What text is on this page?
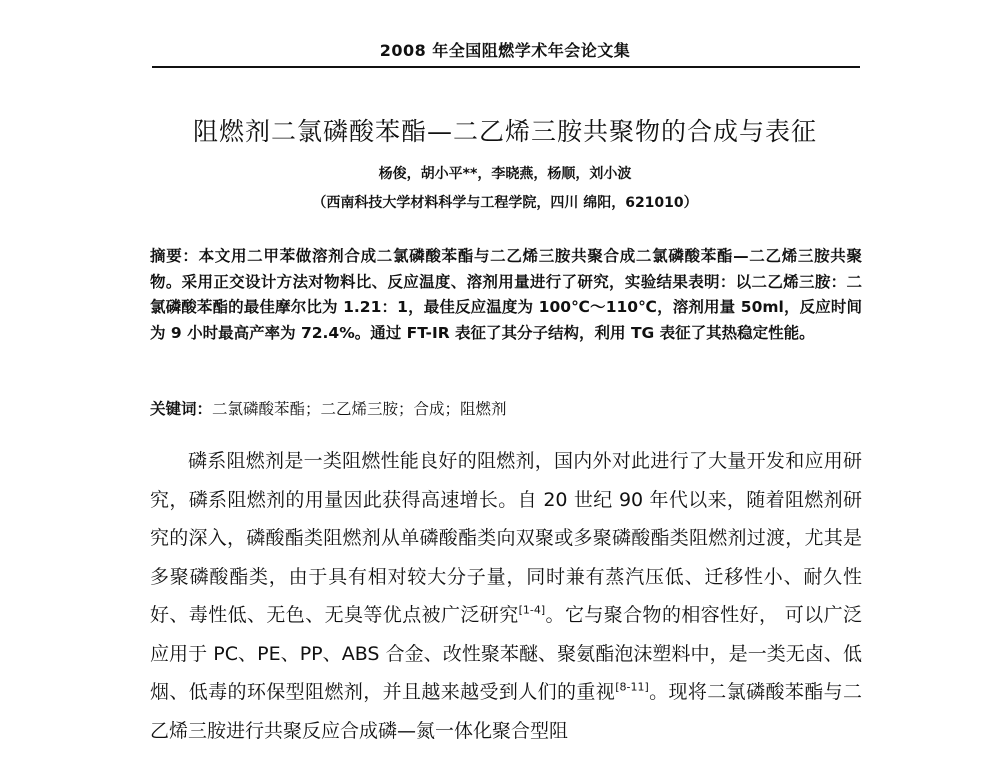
2008 年全国阻燃学术年会论文集
阻燃剂二氯磷酸苯酯—二乙烯三胺共聚物的合成与表征
杨俊，胡小平**，李晓燕，杨顺，刘小波
（西南科技大学材料科学与工程学院，四川 绵阳，621010）
摘要：本文用二甲苯做溶剂合成二氯磷酸苯酯与二乙烯三胺共聚合成二氯磷酸苯酯—二乙烯三胺共聚物。采用正交设计方法对物料比、反应温度、溶剂用量进行了研究，实验结果表明：以二乙烯三胺：二氯磷酸苯酯的最佳摩尔比为 1.21：1，最佳反应温度为 100℃～110℃，溶剂用量 50ml，反应时间为 9 小时最高产率为 72.4%。通过 FT-IR 表征了其分子结构，利用 TG 表征了其热稳定性能。
关键词：二氯磷酸苯酯；二乙烯三胺；合成；阻燃剂

磷系阻燃剂是一类阻燃性能良好的阻燃剂，国内外对此进行了大量开发和应用研究，磷系阻燃剂的用量因此获得高速增长。自 20 世纪 90 年代以来，随着阻燃剂研究的深入，磷酸酯类阻燃剂从单磷酸酯类向双聚或多聚磷酸酯类阻燃剂过渡，尤其是多聚磷酸酯类，由于具有相对较大分子量，同时兼有蒸汽压低、迁移性小、耐久性好、毒性低、无色、无臭等优点被广泛研究[1-4]。它与聚合物的相容性好， 可以广泛应用于 PC、PE、PP、ABS 合金、改性聚苯醚、聚氨酯泡沫塑料中，是一类无卤、低烟、低毒的环保型阻燃剂，并且越来越受到人们的重视[8-11]。现将二氯磷酸苯酯与二乙烯三胺进行共聚反应合成磷—氮一体化聚合型阻
